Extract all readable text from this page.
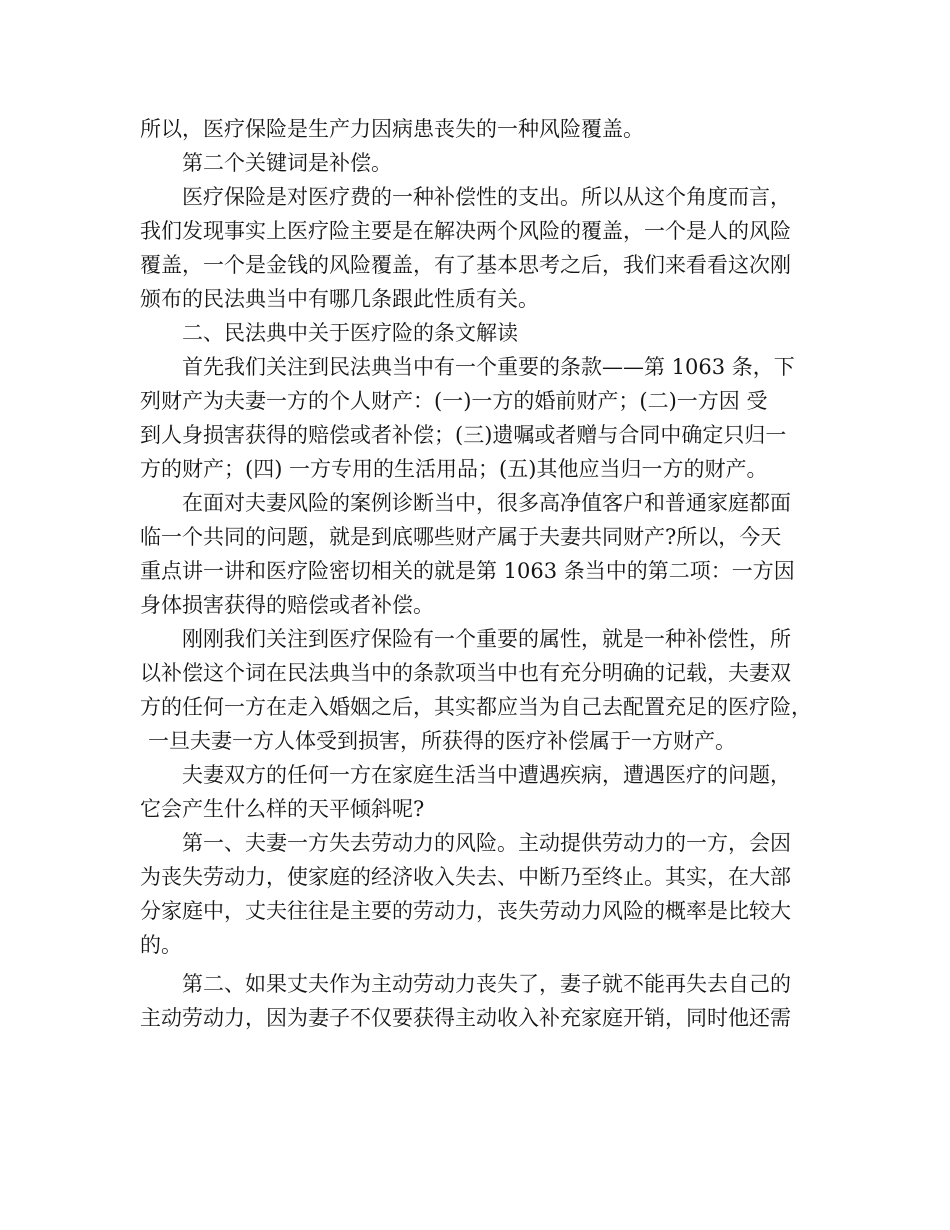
所以，医疗保险是生产力因病患丧失的一种风险覆盖。
第二个关键词是补偿。
医疗保险是对医疗费的一种补偿性的支出。所以从这个角度而言，
我们发现事实上医疗险主要是在解决两个风险的覆盖，一个是人的风险
覆盖，一个是金钱的风险覆盖，有了基本思考之后，我们来看看这次刚
颁布的民法典当中有哪几条跟此性质有关。
二、民法典中关于医疗险的条文解读
首先我们关注到民法典当中有一个重要的条款——第 1063 条，下
列财产为夫妻一方的个人财产：(一)一方的婚前财产；(二)一方因 受
到人身损害获得的赔偿或者补偿；(三)遗嘱或者赠与合同中确定只归一
方的财产；(四) 一方专用的生活用品；(五)其他应当归一方的财产。
在面对夫妻风险的案例诊断当中，很多高净值客户和普通家庭都面
临一个共同的问题，就是到底哪些财产属于夫妻共同财产?所以，今天
重点讲一讲和医疗险密切相关的就是第 1063 条当中的第二项：一方因
身体损害获得的赔偿或者补偿。
刚刚我们关注到医疗保险有一个重要的属性，就是一种补偿性，所
以补偿这个词在民法典当中的条款项当中也有充分明确的记载，夫妻双
方的任何一方在走入婚姻之后，其实都应当为自己去配置充足的医疗险，
一旦夫妻一方人体受到损害，所获得的医疗补偿属于一方财产。
夫妻双方的任何一方在家庭生活当中遭遇疾病，遭遇医疗的问题，
它会产生什么样的天平倾斜呢?
第一、夫妻一方失去劳动力的风险。主动提供劳动力的一方，会因
为丧失劳动力，使家庭的经济收入失去、中断乃至终止。其实，在大部
分家庭中，丈夫往往是主要的劳动力，丧失劳动力风险的概率是比较大
的。
第二、如果丈夫作为主动劳动力丧失了，妻子就不能再失去自己的
主动劳动力，因为妻子不仅要获得主动收入补充家庭开销，同时他还需
